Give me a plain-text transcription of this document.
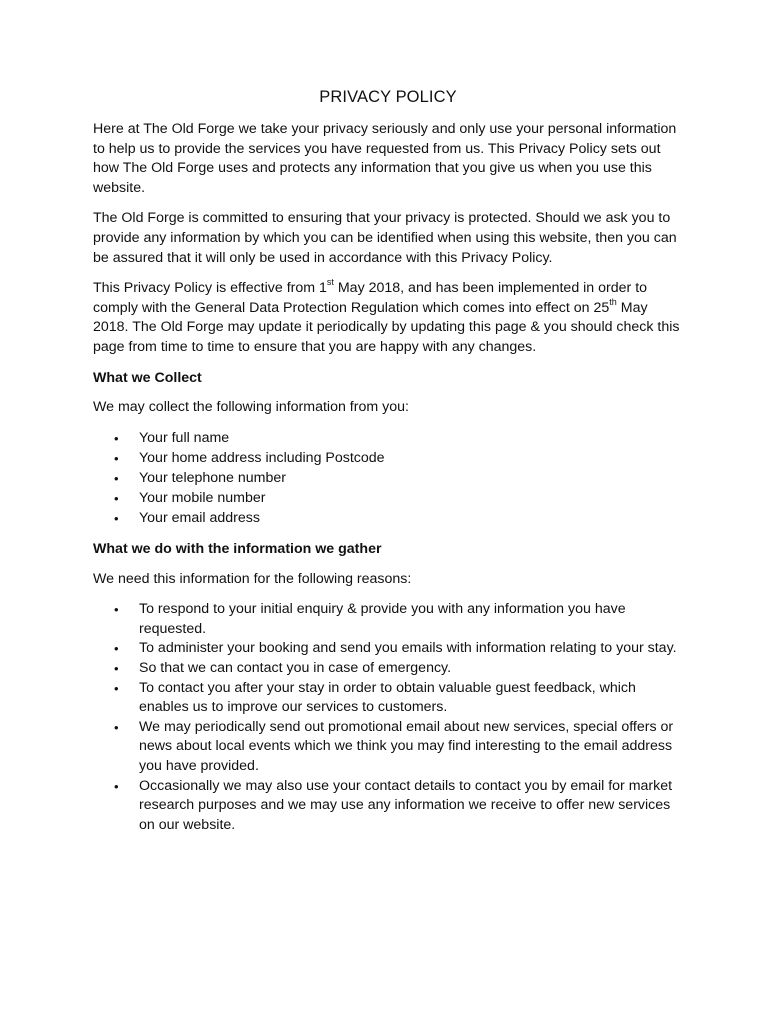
PRIVACY POLICY

Here at The Old Forge we take your privacy seriously and only use your personal information to help us to provide the services you have requested from us. This Privacy Policy sets out how The Old Forge uses and protects any information that you give us when you use this website.

The Old Forge is committed to ensuring that your privacy is protected. Should we ask you to provide any information by which you can be identified when using this website, then you can be assured that it will only be used in accordance with this Privacy Policy.

This Privacy Policy is effective from 1st May 2018, and has been implemented in order to comply with the General Data Protection Regulation which comes into effect on 25th May 2018. The Old Forge may update it periodically by updating this page & you should check this page from time to time to ensure that you are happy with any changes.

What we Collect

We may collect the following information from you:

• Your full name
• Your home address including Postcode
• Your telephone number
• Your mobile number
• Your email address
What we do with the information we gather

We need this information for the following reasons:

• To respond to your initial enquiry & provide you with any information you have requested.
• To administer your booking and send you emails with information relating to your stay.
• So that we can contact you in case of emergency.
• To contact you after your stay in order to obtain valuable guest feedback, which enables us to improve our services to customers.
• We may periodically send out promotional email about new services, special offers or news about local events which we think you may find interesting to the email address you have provided.
• Occasionally we may also use your contact details to contact you by email for market research purposes and we may use any information we receive to offer new services on our website.
